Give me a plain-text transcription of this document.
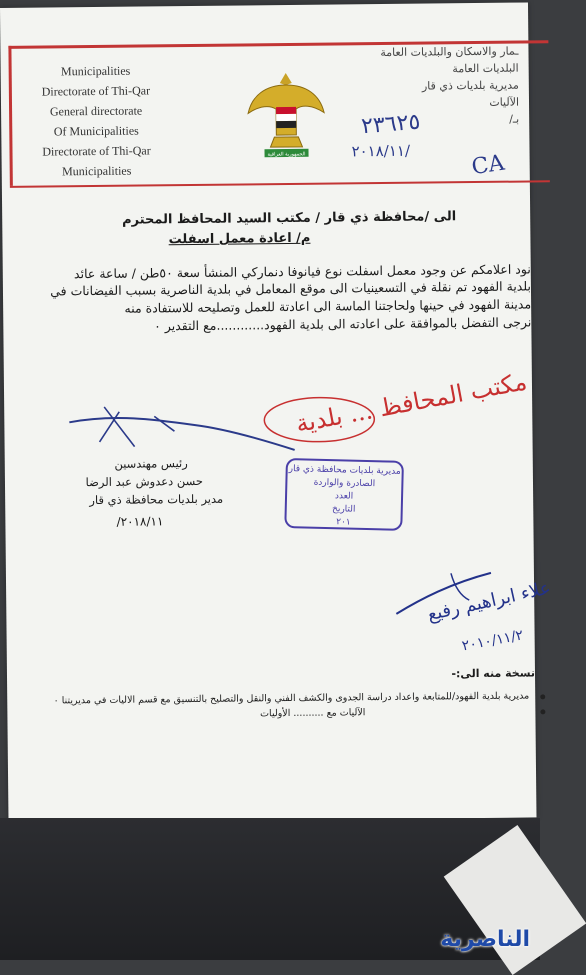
Municipalities
Directorate of Thi-Qar
General directorate
Of Municipalities
Directorate of Thi-Qar
Municipalities
الجمهورية العراقية
ـمار والاسكان والبلديات العامة
البلديات العامة
مديرية بلديات ذي قار
الآليات
بـ/
٢٣٦٢٥
٢٠١٨/١١/	CA
الى /محافظة ذي قار / مكتب السيد المحافظ المحترم
م/ اعادة معمل اسفلت
نود اعلامكم عن وجود معمل اسفلت نوع فيانوفا دنماركي المنشأ سعة ٥٠طن / ساعة عائد
بلدية الفهود تم نقلة في التسعينيات الى موقع المعامل في بلدية الناصرية بسبب الفيضانات في
مدينة الفهود في حينها ولحاجتنا الماسة الى اعادتة للعمل وتصليحه للاستفادة منه
نرجى التفضل بالموافقة على اعادته الى بلدية الفهود............مع التقدير ٠
مكتب المحافظ ... بلدية
رئيس مهندسين
حسن دعدوش عبد الرضا
مدير بلديات محافظة ذي قار
٢٠١٨/١١/
مديرية بلديات محافظة ذي قار
الصادرة والواردة
العدد
التاريخ
٢٠١
علاء ابراهيم رفيع
٢٠١٠/١١/٢
نسخة منه الى:-
مديرية بلدية الفهود/للمتابعة واعداد دراسة الجدوى والكشف الفني والنقل والتصليح بالتنسيق مع قسم الاليات في مديريتنا ٠
الآليات مع .......... الأوليات
الناصرية
